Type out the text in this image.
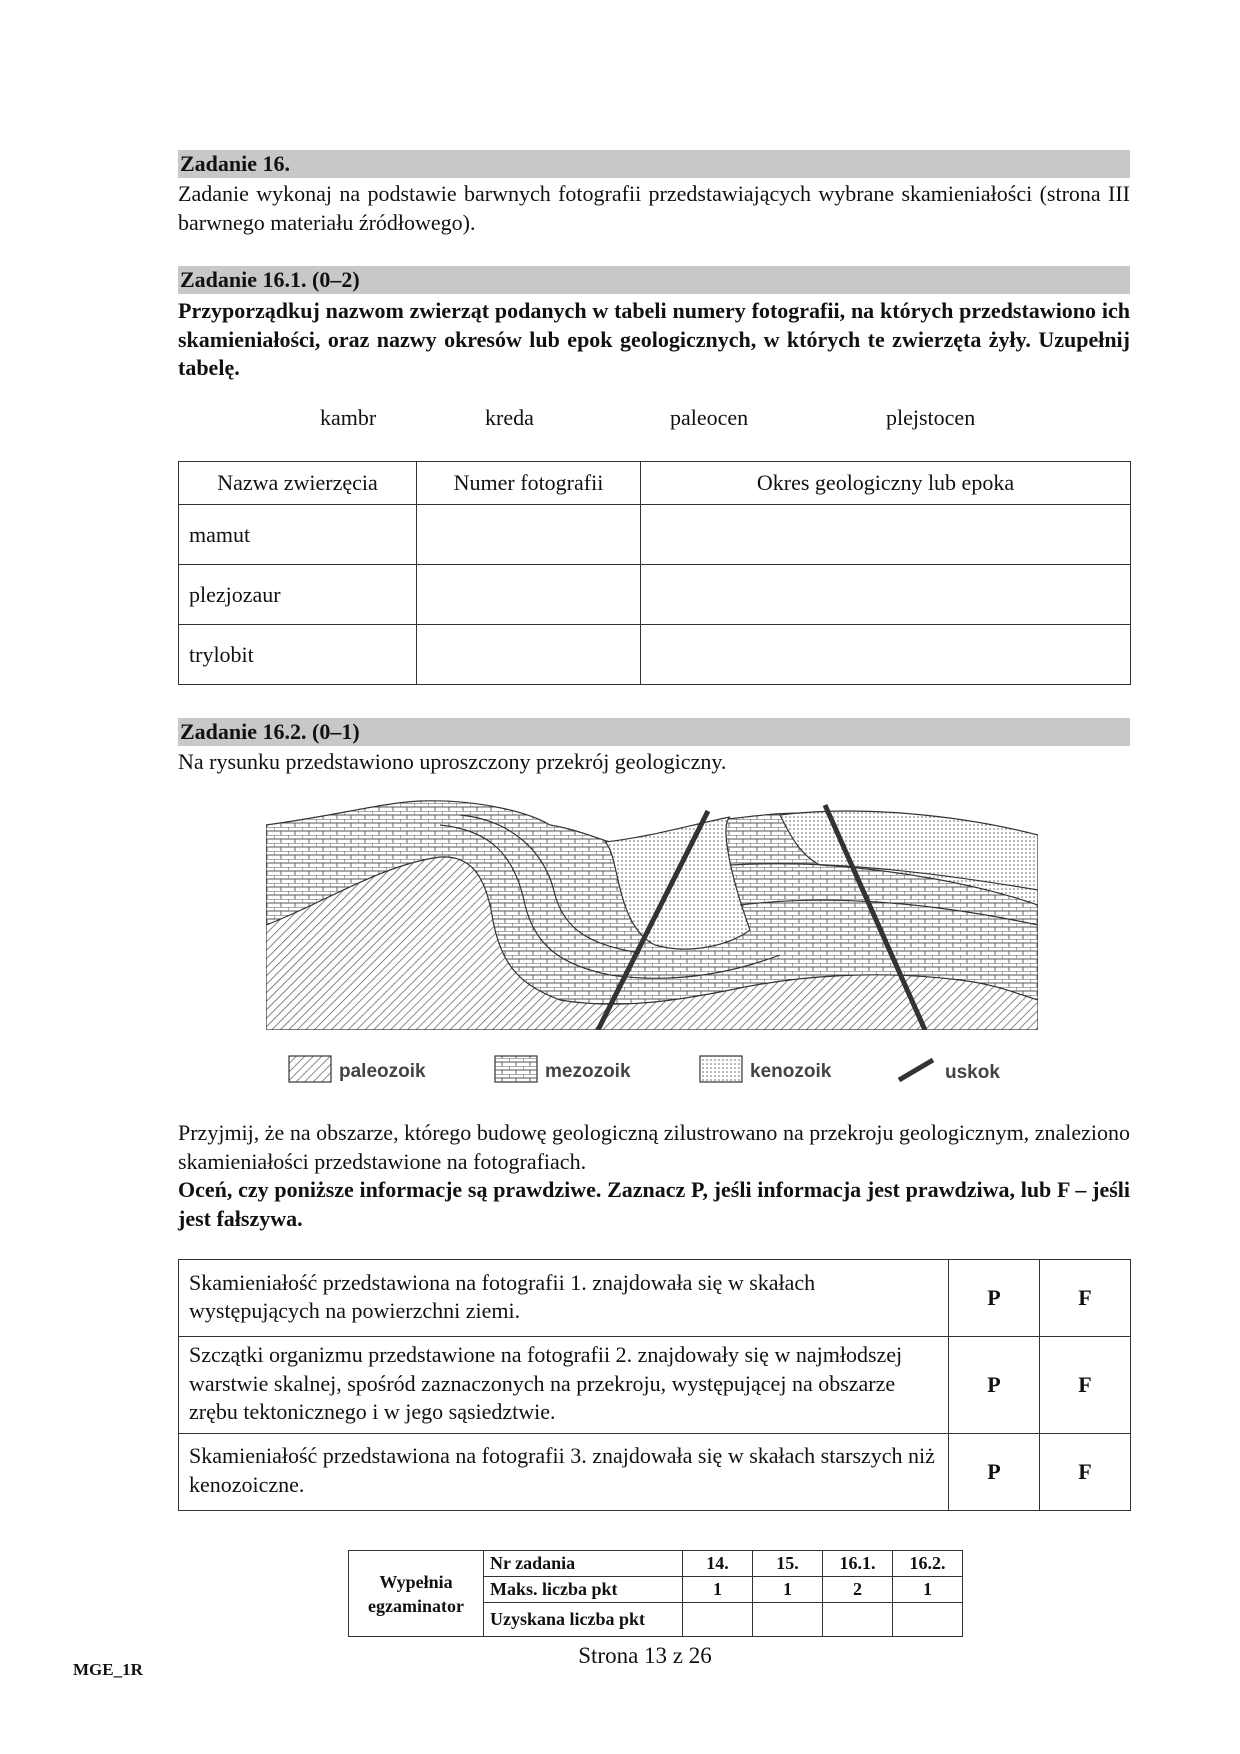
Zadanie 16.
Zadanie wykonaj na podstawie barwnych fotografii przedstawiających wybrane skamieniałości (strona III barwnego materiału źródłowego).
Zadanie 16.1. (0–2)
Przyporządkuj nazwom zwierząt podanych w tabeli numery fotografii, na których przedstawiono ich skamieniałości, oraz nazwy okresów lub epok geologicznych, w których te zwierzęta żyły. Uzupełnij tabelę.
kambr	kreda	paleocen	plejstocen
Nazwa zwierzęcia	Numer fotografii	Okres geologiczny lub epoka
mamut		
plezjozaur		
trylobit		
Zadanie 16.2. (0–1)
Na rysunku przedstawiono uproszczony przekrój geologiczny.
paleozoik	mezozoik	kenozoik	uskok
Przyjmij, że na obszarze, którego budowę geologiczną zilustrowano na przekroju geologicznym, znaleziono skamieniałości przedstawione na fotografiach.
Oceń, czy poniższe informacje są prawdziwe. Zaznacz P, jeśli informacja jest prawdziwa, lub F – jeśli jest fałszywa.
Skamieniałość przedstawiona na fotografii 1. znajdowała się w skałach występujących na powierzchni ziemi.	P	F
Szczątki organizmu przedstawione na fotografii 2. znajdowały się w najmłodszej warstwie skalnej, spośród zaznaczonych na przekroju, występującej na obszarze zrębu tektonicznego i w jego sąsiedztwie.	P	F
Skamieniałość przedstawiona na fotografii 3. znajdowała się w skałach starszych niż kenozoiczne.	P	F
Wypełnia egzaminator	Nr zadania	14.	15.	16.1.	16.2.
	Maks. liczba pkt	1	1	2	1
	Uzyskana liczba pkt				
MGE_1R
Strona 13 z 26
